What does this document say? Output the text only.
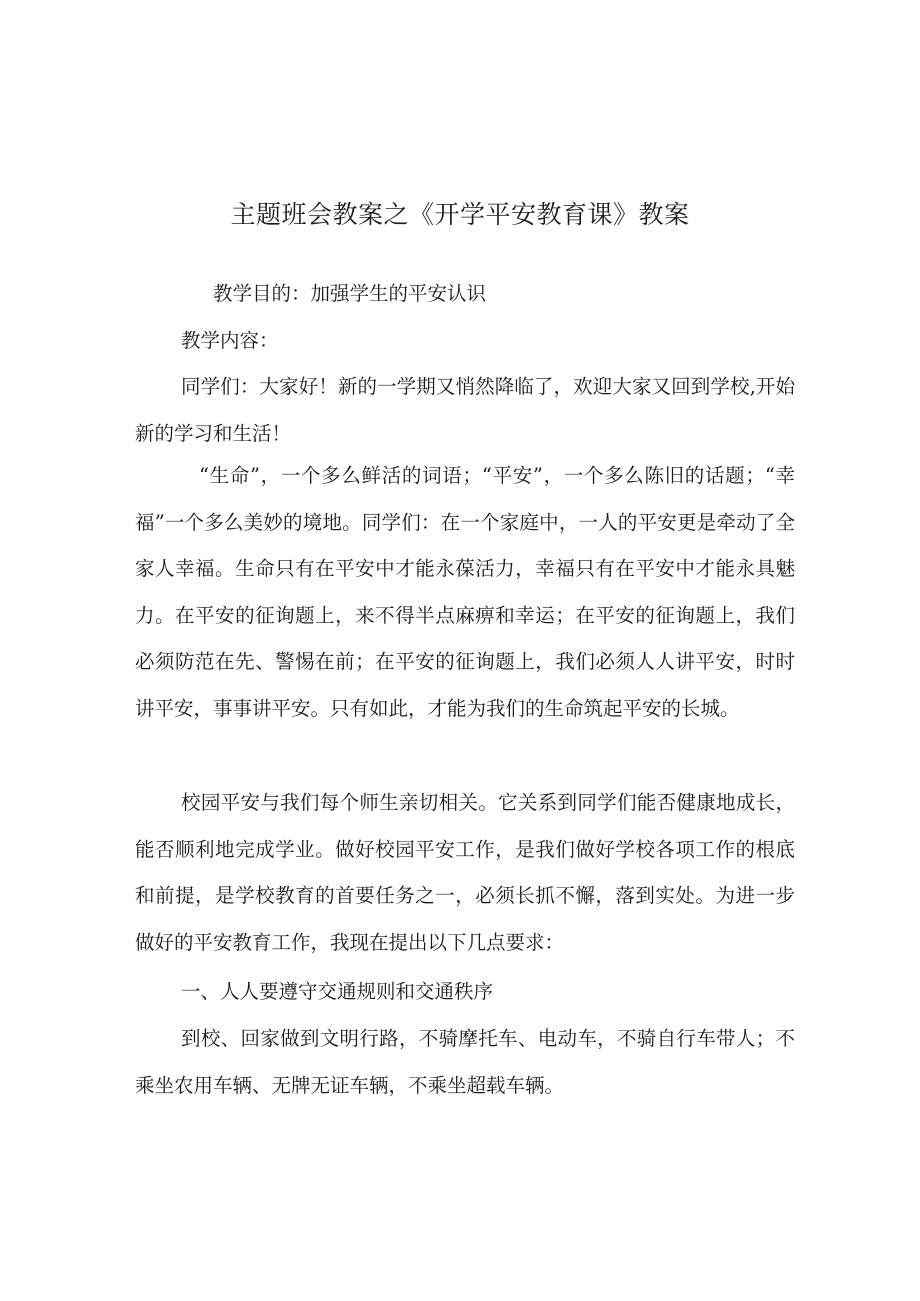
主题班会教案之《开学平安教育课》教案

教学目的：加强学生的平安认识

教学内容：

同学们：大家好！新的一学期又悄然降临了，欢迎大家又回到学校,开始新的学习和生活！

“生命”，一个多么鲜活的词语；“平安”，一个多么陈旧的话题；“幸福”一个多么美妙的境地。同学们：在一个家庭中，一人的平安更是牵动了全家人幸福。生命只有在平安中才能永葆活力，幸福只有在平安中才能永具魅力。在平安的征询题上，来不得半点麻痹和幸运；在平安的征询题上，我们必须防范在先、警惕在前；在平安的征询题上，我们必须人人讲平安，时时讲平安，事事讲平安。只有如此，才能为我们的生命筑起平安的长城。

校园平安与我们每个师生亲切相关。它关系到同学们能否健康地成长，能否顺利地完成学业。做好校园平安工作，是我们做好学校各项工作的根底和前提，是学校教育的首要任务之一，必须长抓不懈，落到实处。为进一步做好的平安教育工作，我现在提出以下几点要求：

一、人人要遵守交通规则和交通秩序

到校、回家做到文明行路，不骑摩托车、电动车，不骑自行车带人；不乘坐农用车辆、无牌无证车辆，不乘坐超载车辆。
